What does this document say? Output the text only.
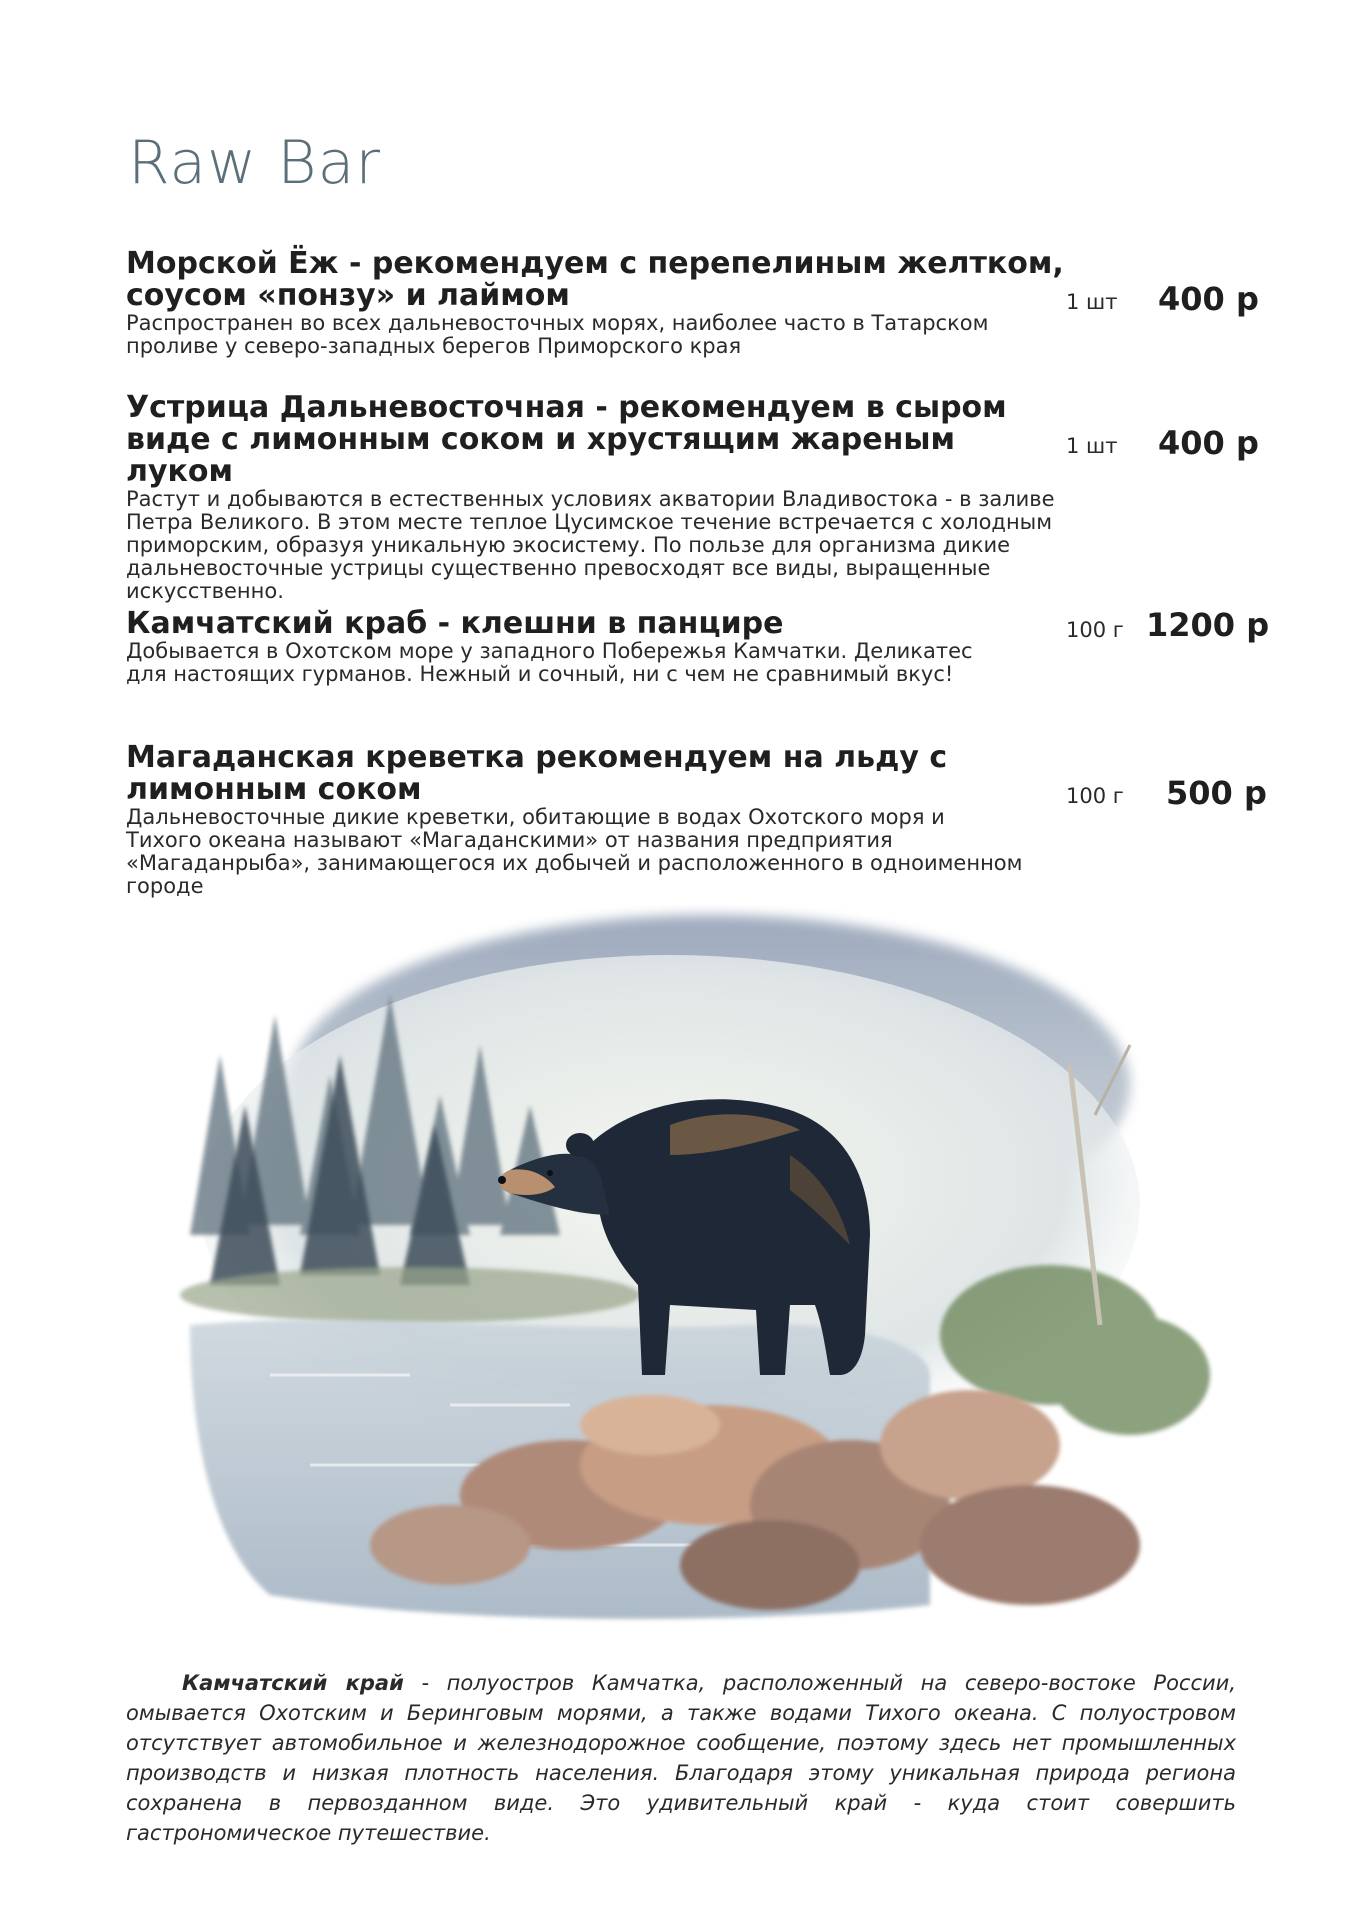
Raw Bar
Морской Ёж - рекомендуем с перепелиным желтком, соусом «понзу» и лаймом
Распространен во всех дальневосточных морях, наиболее часто в Татарском проливе у северо-западных берегов Приморского края
1 шт 400 р
Устрица Дальневосточная - рекомендуем в сыром виде с лимонным соком и хрустящим жареным луком
Растут и добываются в естественных условиях акватории Владивостока - в заливе Петра Великого. В этом месте теплое Цусимское течение встречается с холодным приморским, образуя уникальную экосистему. По пользе для организма дикие дальневосточные устрицы существенно превосходят все виды, выращенные искусственно.
1 шт 400 р
Камчатский краб - клешни в панцире
Добывается в Охотском море у западного Побережья Камчатки. Деликатес для настоящих гурманов. Нежный и сочный, ни с чем не сравнимый вкус!
100 г 1200 р
Магаданская креветка рекомендуем на льду с лимонным соком
Дальневосточные дикие креветки, обитающие в водах Охотского моря и Тихого океана называют «Магаданскими» от названия предприятия «Магаданрыба», занимающегося их добычей и расположенного в одноименном городе
100 г 500 р

Камчатский край - полуостров Камчатка, расположенный на северо-востоке России, омывается Охотским и Беринговым морями, а также водами Тихого океана. С полуостровом отсутствует автомобильное и железнодорожное сообщение, поэтому здесь нет промышленных производств и низкая плотность населения. Благодаря этому уникальная природа региона сохранена в первозданном виде. Это удивительный край - куда стоит совершить гастрономическое путешествие.
